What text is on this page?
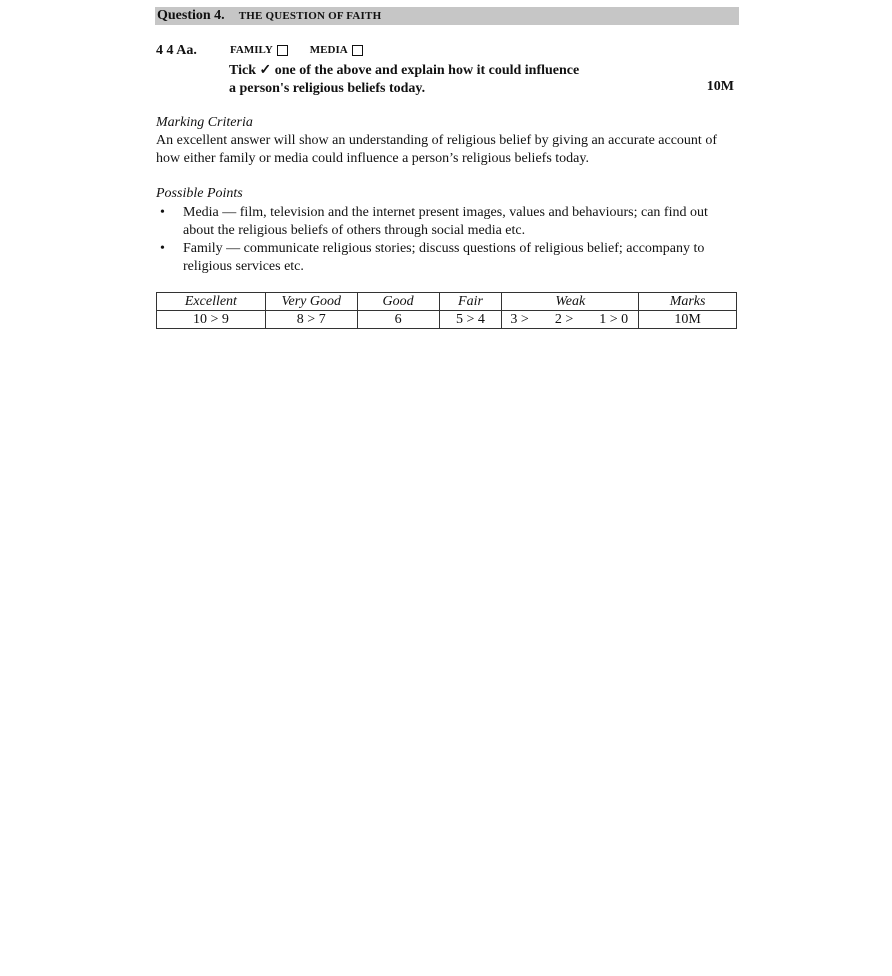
Question 4. THE QUESTION OF FAITH
4 4 Aa.	FAMILY	MEDIA
Tick ✓ one of the above and explain how it could influence
a person's religious beliefs today.	10M
Marking Criteria
An excellent answer will show an understanding of religious belief by giving an accurate account of how either family or media could influence a person’s religious beliefs today.
Possible Points
• Media — film, television and the internet present images, values and behaviours; can find out about the religious beliefs of others through social media etc.
• Family — communicate religious stories; discuss questions of religious belief; accompany to religious services etc.
Excellent	Very Good	Good	Fair	Weak	Marks
10 > 9	8 > 7	6	5 > 4	3 > 2 > 1 > 0	10M
